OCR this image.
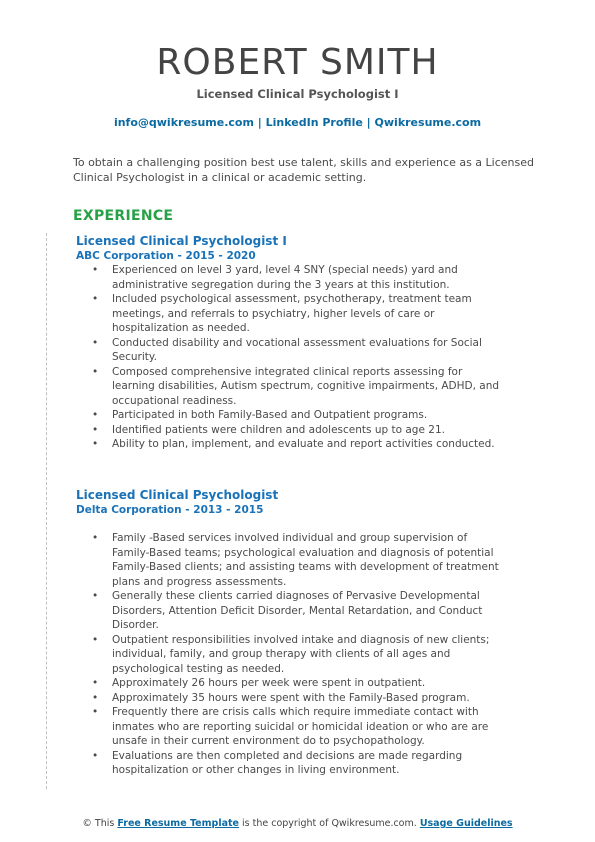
ROBERT SMITH
Licensed Clinical Psychologist I
info@qwikresume.com | LinkedIn Profile | Qwikresume.com
To obtain a challenging position best use talent, skills and experience as a Licensed Clinical Psychologist in a clinical or academic setting.
EXPERIENCE
Licensed Clinical Psychologist I
ABC Corporation - 2015 - 2020
• Experienced on level 3 yard, level 4 SNY (special needs) yard and administrative segregation during the 3 years at this institution.
• Included psychological assessment, psychotherapy, treatment team meetings, and referrals to psychiatry, higher levels of care or hospitalization as needed.
• Conducted disability and vocational assessment evaluations for Social Security.
• Composed comprehensive integrated clinical reports assessing for learning disabilities, Autism spectrum, cognitive impairments, ADHD, and occupational readiness.
• Participated in both Family-Based and Outpatient programs.
• Identified patients were children and adolescents up to age 21.
• Ability to plan, implement, and evaluate and report activities conducted.
Licensed Clinical Psychologist
Delta Corporation - 2013 - 2015
• Family -Based services involved individual and group supervision of Family-Based teams; psychological evaluation and diagnosis of potential Family-Based clients; and assisting teams with development of treatment plans and progress assessments.
• Generally these clients carried diagnoses of Pervasive Developmental Disorders, Attention Deficit Disorder, Mental Retardation, and Conduct Disorder.
• Outpatient responsibilities involved intake and diagnosis of new clients; individual, family, and group therapy with clients of all ages and psychological testing as needed.
• Approximately 26 hours per week were spent in outpatient.
• Approximately 35 hours were spent with the Family-Based program.
• Frequently there are crisis calls which require immediate contact with inmates who are reporting suicidal or homicidal ideation or who are are unsafe in their current environment do to psychopathology.
• Evaluations are then completed and decisions are made regarding hospitalization or other changes in living environment.
© This Free Resume Template is the copyright of Qwikresume.com. Usage Guidelines
